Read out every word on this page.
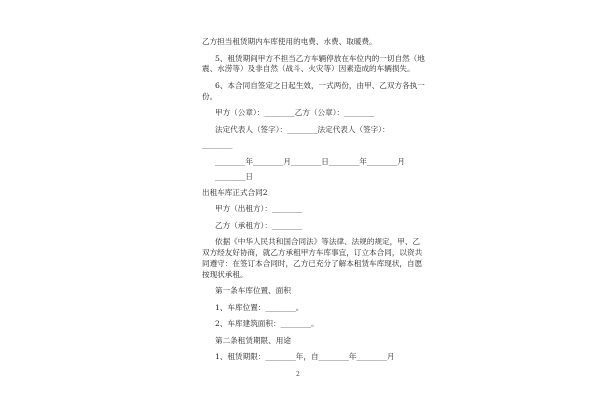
乙方担当租赁期内车库使用的电费、水费、取暖费。
5、租赁期间甲方不担当乙方车辆停放在车位内的一切自然（地
震、水涝等）及非自然（战斗、火灾等）因素造成的车辆损失。
6、本合同自签定之日起生效，一式两份，由甲、乙双方各执一
份。
甲方（公章）：________乙方（公章）：________
法定代表人（签字）：________法定代表人（签字）：
________
________年________月________日________年________月
________日
出租车库正式合同2
甲方（出租方）：________
乙方（承租方）：________
依据《中华人民共和国合同法》等法律、法规的规定，甲、乙
双方经友好协商，就乙方承租甲方车库事宜，订立本合同，以资共
同遵守：在签订本合同时，乙方已充分了解本租赁车库现状，自愿
按现状承租。
第一条车库位置、面积
1、车库位置：________。
2、车库建筑面积：________。
第二条租赁期限、用途
1、租赁期限：________年，自________年________月
2
